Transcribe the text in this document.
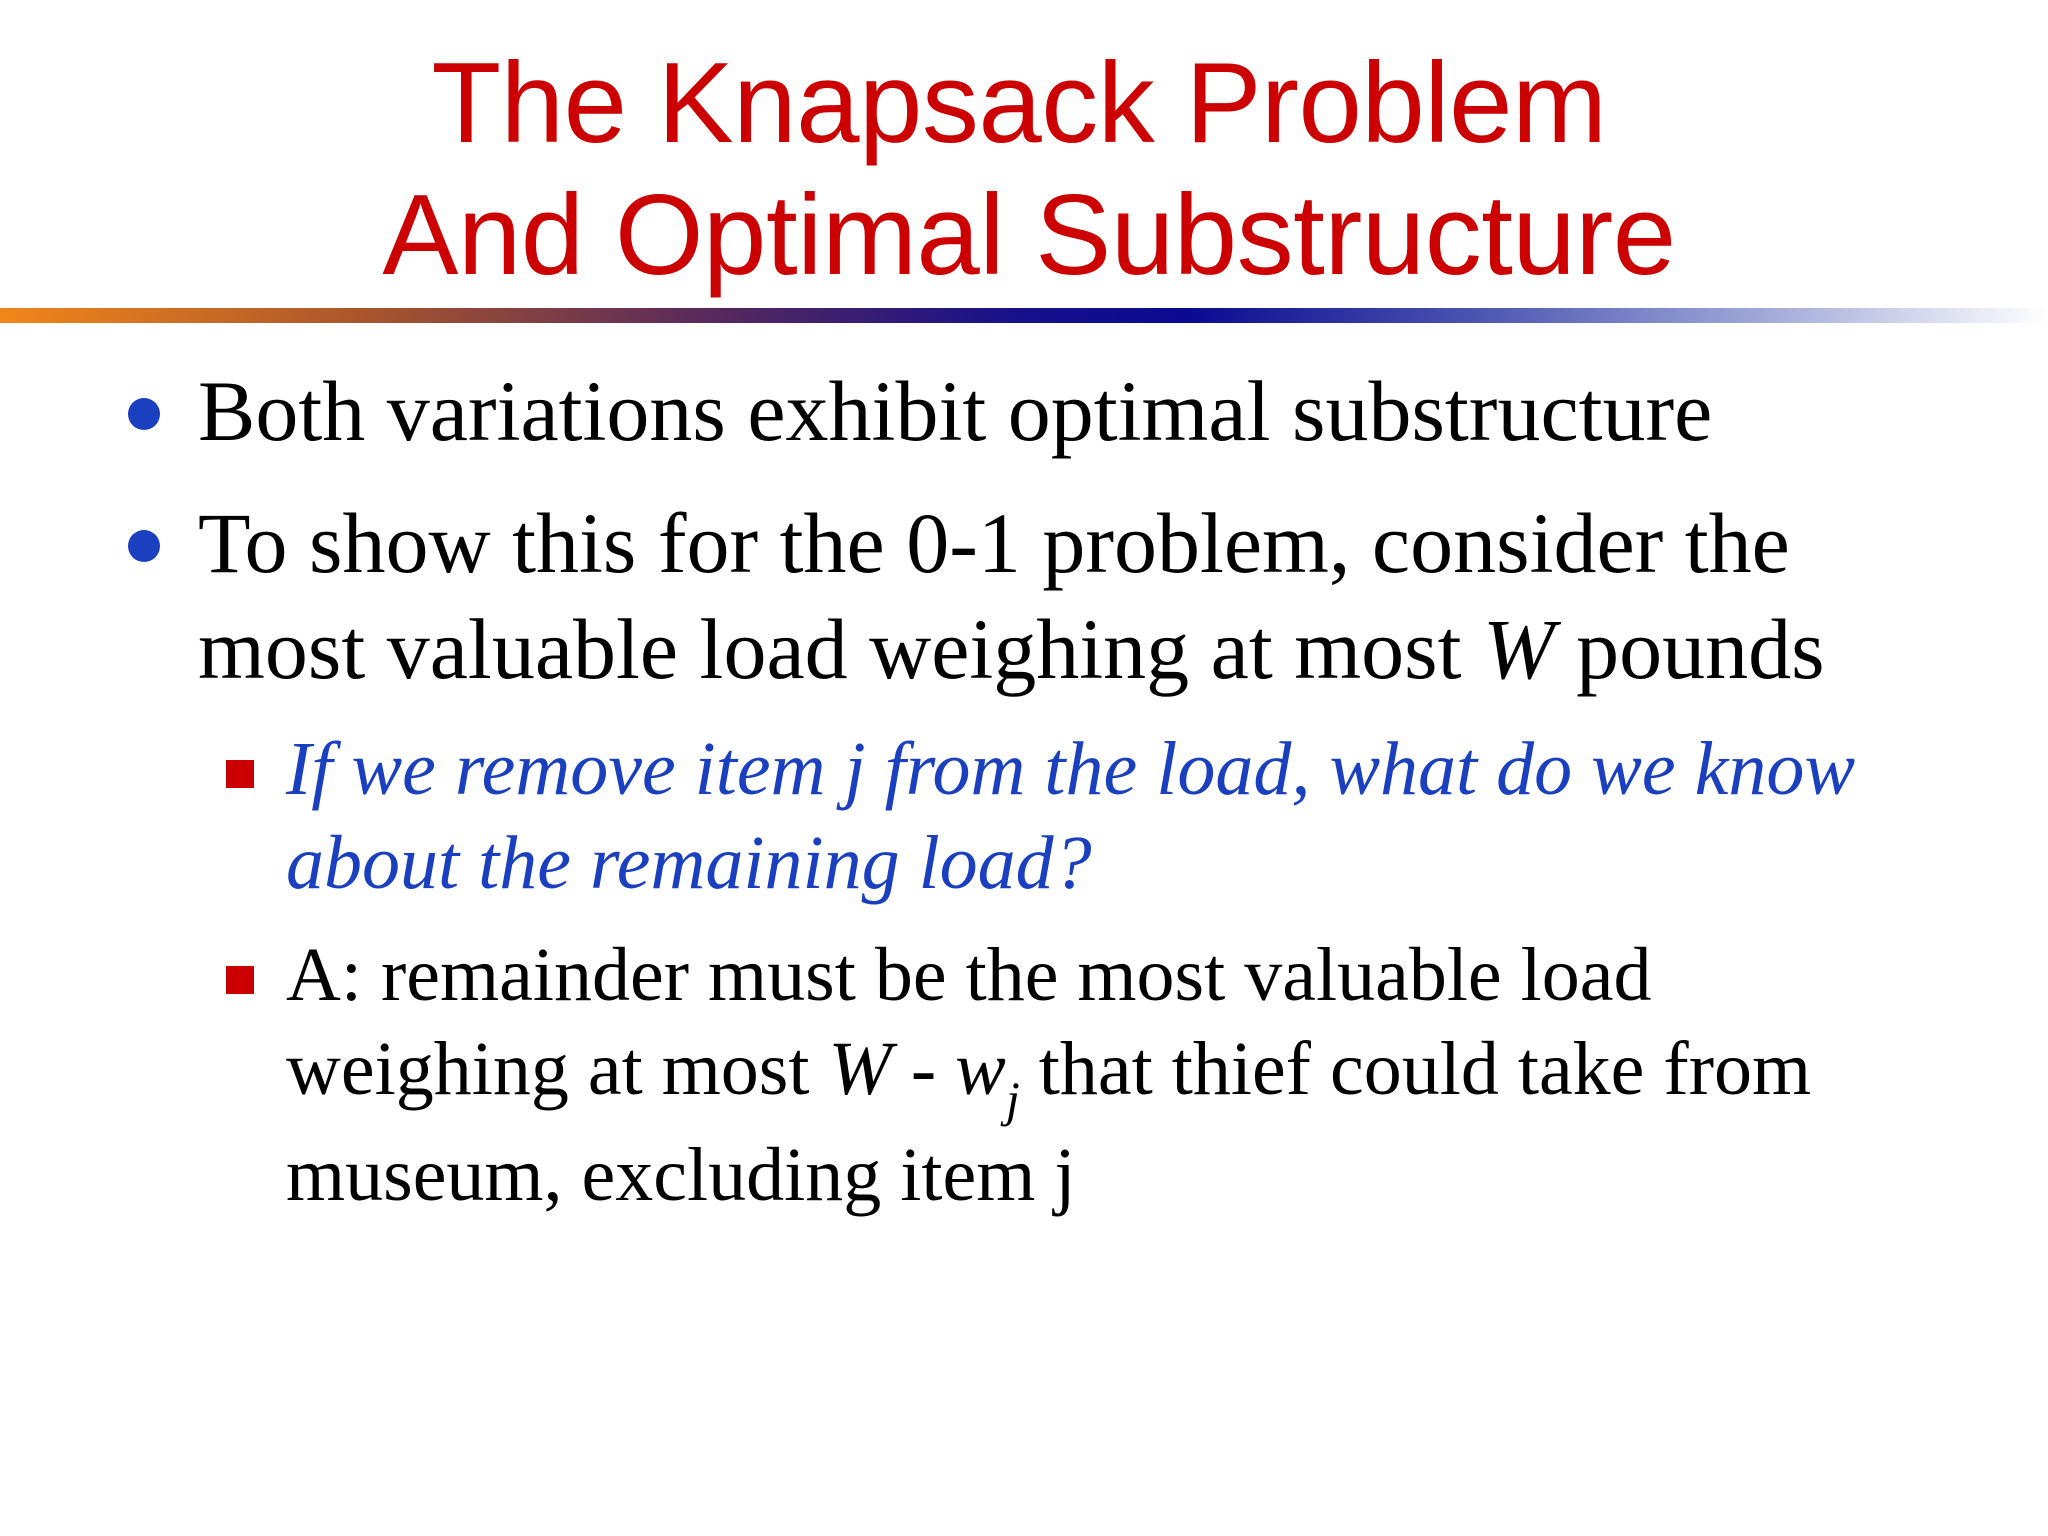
The Knapsack Problem
And Optimal Substructure
Both variations exhibit optimal substructure
To show this for the 0-1 problem, consider the
most valuable load weighing at most W pounds
If we remove item j from the load, what do we know
about the remaining load?
A: remainder must be the most valuable load
weighing at most W - $w_j$ that thief could take from
museum, excluding item j
